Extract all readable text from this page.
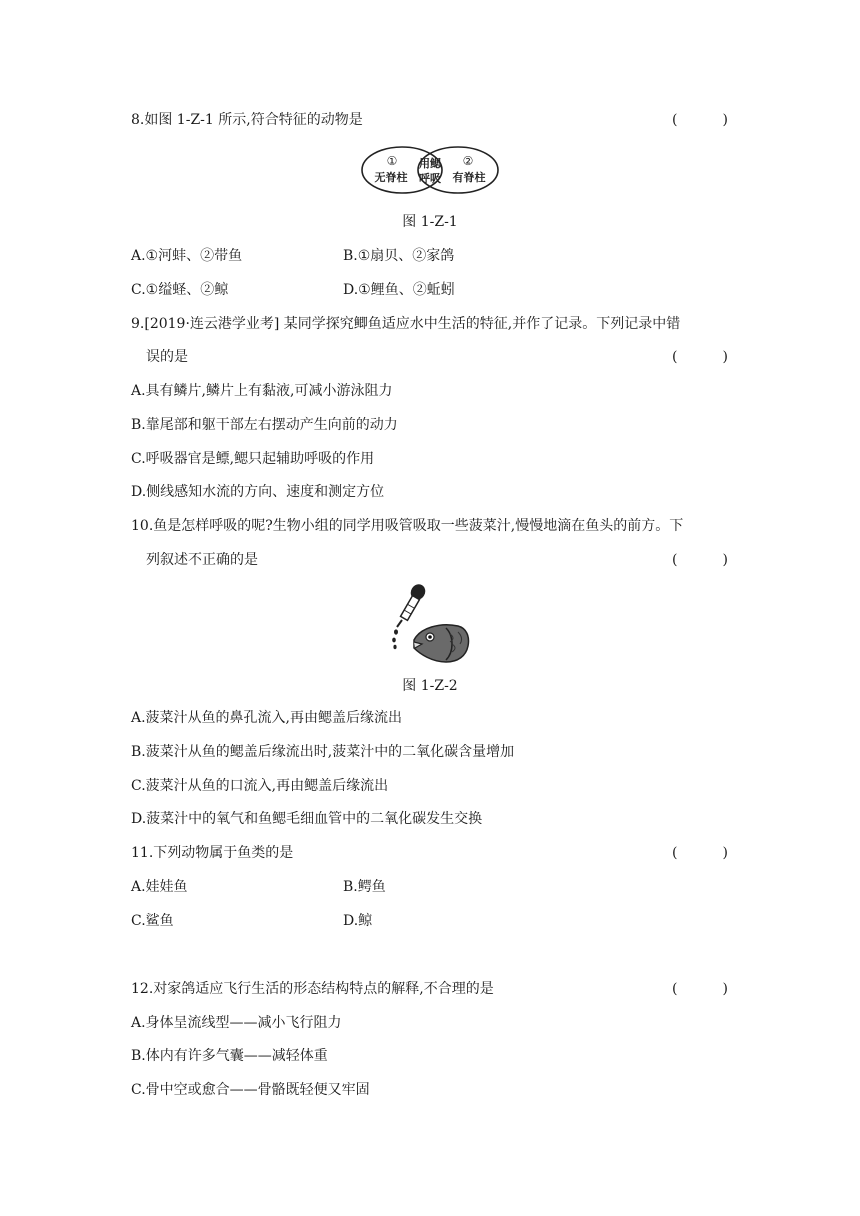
8.如图 1-Z-1 所示,符合特征的动物是	(	)
①
无脊柱
用鳃
呼吸
②
有脊柱
图 1-Z-1
A.①河蚌、②带鱼	B.①扇贝、②家鸽
C.①缢蛏、②鲸	D.①鲤鱼、②蚯蚓
9.[2019·连云港学业考] 某同学探究鲫鱼适应水中生活的特征,并作了记录。下列记录中错
误的是	(	)
A.具有鳞片,鳞片上有黏液,可减小游泳阻力
B.靠尾部和躯干部左右摆动产生向前的动力
C.呼吸器官是鳔,鳃只起辅助呼吸的作用
D.侧线感知水流的方向、速度和测定方位
10.鱼是怎样呼吸的呢?生物小组的同学用吸管吸取一些菠菜汁,慢慢地滴在鱼头的前方。下
列叙述不正确的是	(	)
图 1-Z-2
A.菠菜汁从鱼的鼻孔流入,再由鳃盖后缘流出
B.菠菜汁从鱼的鳃盖后缘流出时,菠菜汁中的二氧化碳含量增加
C.菠菜汁从鱼的口流入,再由鳃盖后缘流出
D.菠菜汁中的氧气和鱼鳃毛细血管中的二氧化碳发生交换
11.下列动物属于鱼类的是	(	)
A.娃娃鱼	B.鳄鱼
C.鲨鱼	D.鲸
12.对家鸽适应飞行生活的形态结构特点的解释,不合理的是	(	)
A.身体呈流线型——减小飞行阻力
B.体内有许多气囊——减轻体重
C.骨中空或愈合——骨骼既轻便又牢固
